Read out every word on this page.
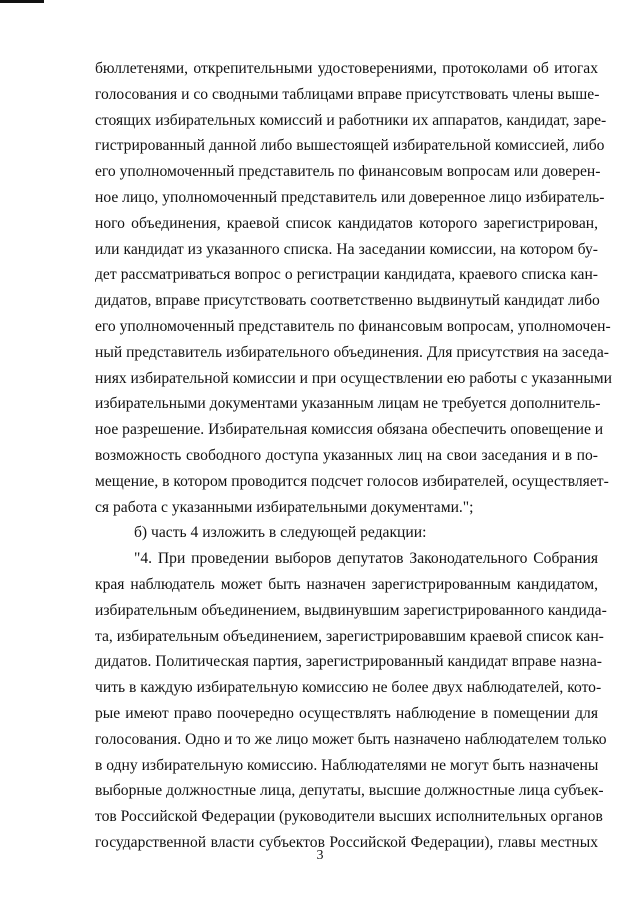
бюллетенями, открепительными удостоверениями, протоколами об итогах
голосования и со сводными таблицами вправе присутствовать члены выше-
стоящих избирательных комиссий и работники их аппаратов, кандидат, заре-
гистрированный данной либо вышестоящей избирательной комиссией, либо
его уполномоченный представитель по финансовым вопросам или доверен-
ное лицо, уполномоченный представитель или доверенное лицо избиратель-
ного объединения, краевой список кандидатов которого зарегистрирован,
или кандидат из указанного списка. На заседании комиссии, на котором бу-
дет рассматриваться вопрос о регистрации кандидата, краевого списка кан-
дидатов, вправе присутствовать соответственно выдвинутый кандидат либо
его уполномоченный представитель по финансовым вопросам, уполномочен-
ный представитель избирательного объединения. Для присутствия на заседа-
ниях избирательной комиссии и при осуществлении ею работы с указанными
избирательными документами указанным лицам не требуется дополнитель-
ное разрешение. Избирательная комиссия обязана обеспечить оповещение и
возможность свободного доступа указанных лиц на свои заседания и в по-
мещение, в котором проводится подсчет голосов избирателей, осуществляет-
ся работа с указанными избирательными документами.";
б) часть 4 изложить в следующей редакции:
"4. При проведении выборов депутатов Законодательного Собрания
края наблюдатель может быть назначен зарегистрированным кандидатом,
избирательным объединением, выдвинувшим зарегистрированного кандида-
та, избирательным объединением, зарегистрировавшим краевой список кан-
дидатов. Политическая партия, зарегистрированный кандидат вправе назна-
чить в каждую избирательную комиссию не более двух наблюдателей, кото-
рые имеют право поочередно осуществлять наблюдение в помещении для
голосования. Одно и то же лицо может быть назначено наблюдателем только
в одну избирательную комиссию. Наблюдателями не могут быть назначены
выборные должностные лица, депутаты, высшие должностные лица субъек-
тов Российской Федерации (руководители высших исполнительных органов
государственной власти субъектов Российской Федерации), главы местных
3
